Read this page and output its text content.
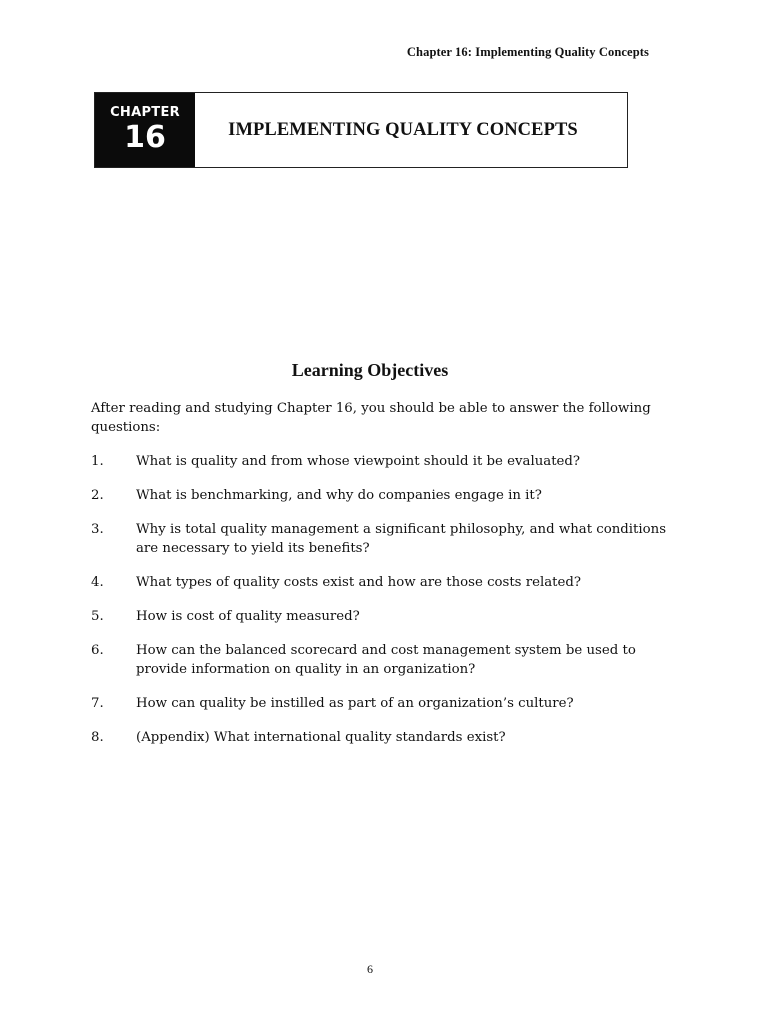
Chapter 16: Implementing Quality Concepts
CHAPTER
16	IMPLEMENTING QUALITY CONCEPTS
Learning Objectives
After reading and studying Chapter 16, you should be able to answer the following questions:
1.	What is quality and from whose viewpoint should it be evaluated?
2.	What is benchmarking, and why do companies engage in it?
3.	Why is total quality management a significant philosophy, and what conditions are necessary to yield its benefits?
4.	What types of quality costs exist and how are those costs related?
5.	How is cost of quality measured?
6.	How can the balanced scorecard and cost management system be used to provide information on quality in an organization?
7.	How can quality be instilled as part of an organization’s culture?
8.	(Appendix) What international quality standards exist?
6
